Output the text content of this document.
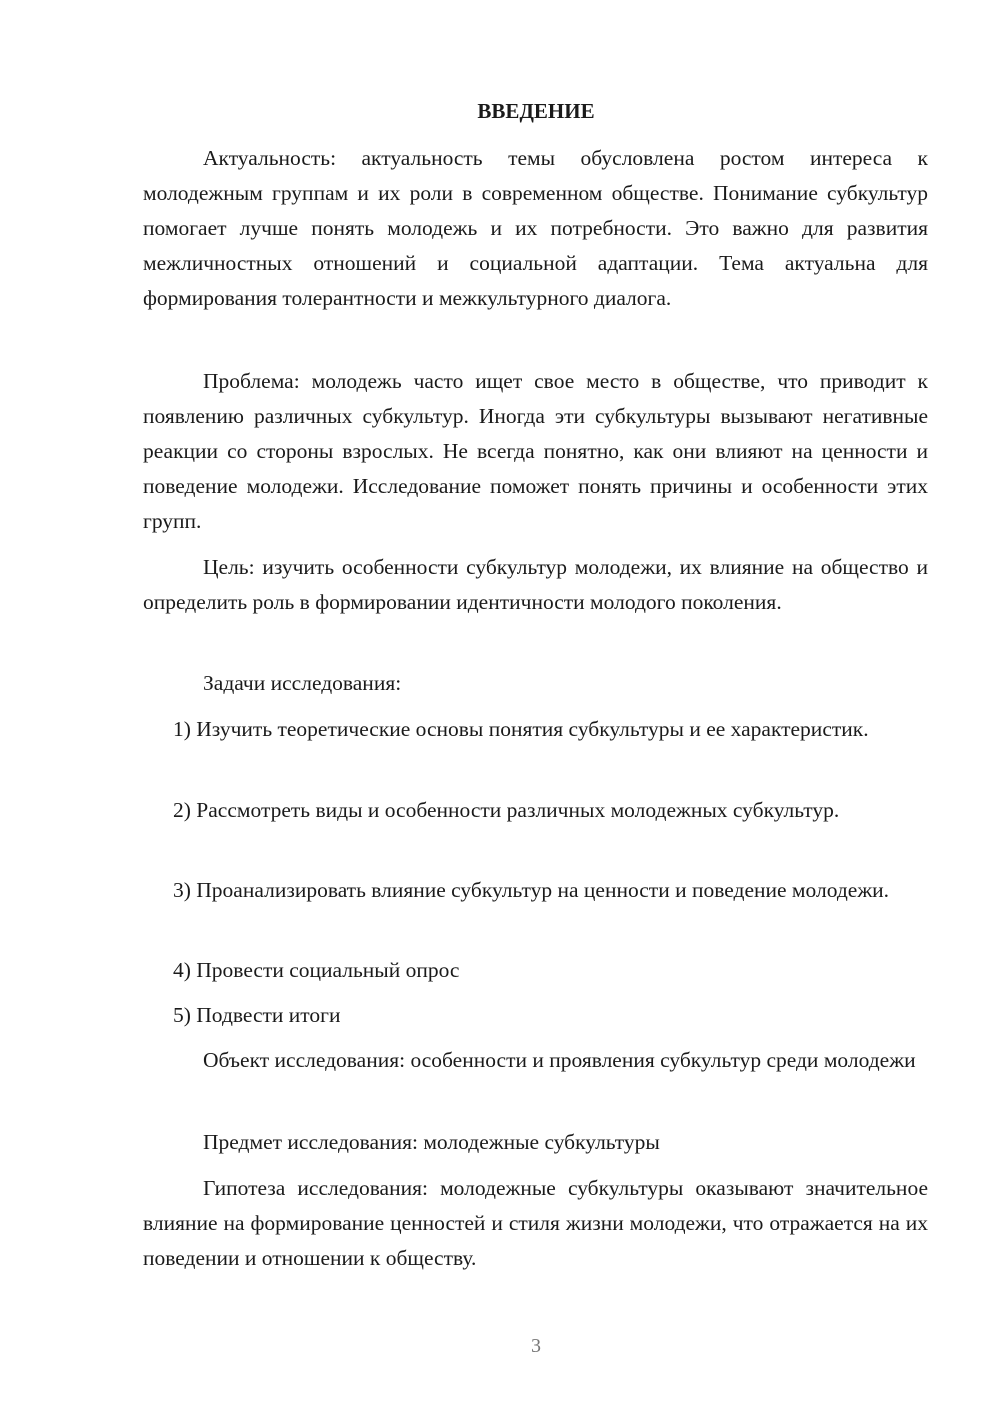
ВВЕДЕНИЕ

Актуальность: актуальность темы обусловлена ростом интереса к молодежным группам и их роли в современном обществе. Понимание субкультур помогает лучше понять молодежь и их потребности. Это важно для развития межличностных отношений и социальной адаптации. Тема актуальна для формирования толерантности и межкультурного диалога.

Проблема: молодежь часто ищет свое место в обществе, что приводит к появлению различных субкультур. Иногда эти субкультуры вызывают негативные реакции со стороны взрослых. Не всегда понятно, как они влияют на ценности и поведение молодежи. Исследование поможет понять причины и особенности этих групп.

Цель: изучить особенности субкультур молодежи, их влияние на общество и определить роль в формировании идентичности молодого поколения.

Задачи исследования:

1) Изучить теоретические основы понятия субкультуры и ее характеристик.

2) Рассмотреть виды и особенности различных молодежных субкультур.

3) Проанализировать влияние субкультур на ценности и поведение молодежи.

4) Провести социальный опрос

5) Подвести итоги

Объект исследования: особенности и проявления субкультур среди молодежи

Предмет исследования: молодежные субкультуры

Гипотеза исследования: молодежные субкультуры оказывают значительное влияние на формирование ценностей и стиля жизни молодежи, что отражается на их поведении и отношении к обществу.

3
